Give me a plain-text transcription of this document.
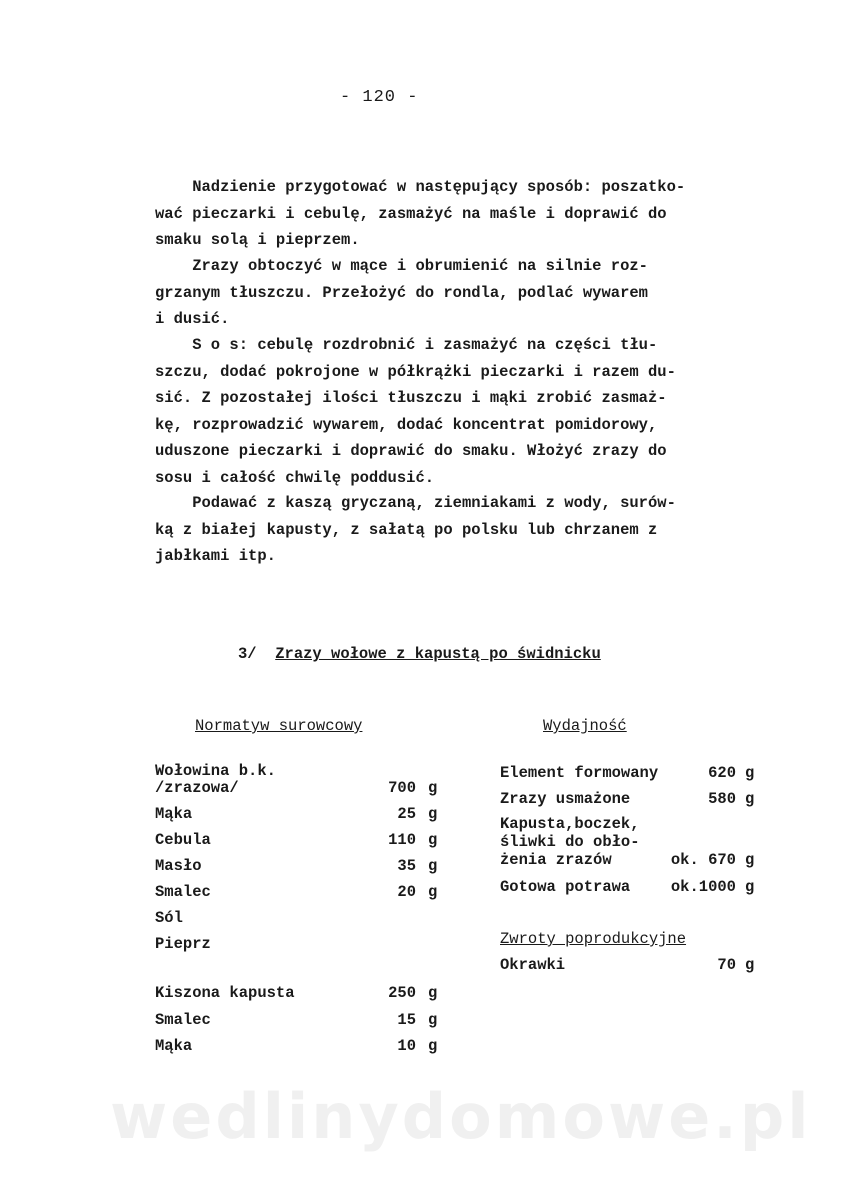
- 120 -
Nadzienie przygotować w następujący sposób: poszatko-
wać pieczarki i cebulę, zasmażyć na maśle i doprawić do
smaku solą i pieprzem.
Zrazy obtoczyć w mące i obrumienić na silnie roz-
grzanym tłuszczu. Przełożyć do rondla, podlać wywarem
i dusić.
S o s: cebulę rozdrobnić i zasmażyć na części tłu-
szczu, dodać pokrojone w półkrążki pieczarki i razem du-
sić. Z pozostałej ilości tłuszczu i mąki zrobić zasmaż-
kę, rozprowadzić wywarem, dodać koncentrat pomidorowy,
uduszone pieczarki i doprawić do smaku. Włożyć zrazy do
sosu i całość chwilę poddusić.
Podawać z kaszą gryczaną, ziemniakami z wody, surów-
ką z białej kapusty, z sałatą po polsku lub chrzanem z
jabłkami itp.
3/ Zrazy wołowe z kapustą po świdnicku
Normatyw surowcowy	Wydajność
Wołowina b.k.
/zrazowa/	700 g
Mąka	25 g
Cebula	110 g
Masło	35 g
Smalec	20 g
Sól
Pieprz
Kiszona kapusta	250 g
Smalec	15 g
Mąka	10 g
Element formowany	620 g
Zrazy usmażone	580 g
Kapusta,boczek,
śliwki do obło-
żenia zrazów	ok. 670 g
Gotowa potrawa	ok.1000 g
Zwroty poprodukcyjne
Okrawki	70 g
wedlinydomowe.pl
